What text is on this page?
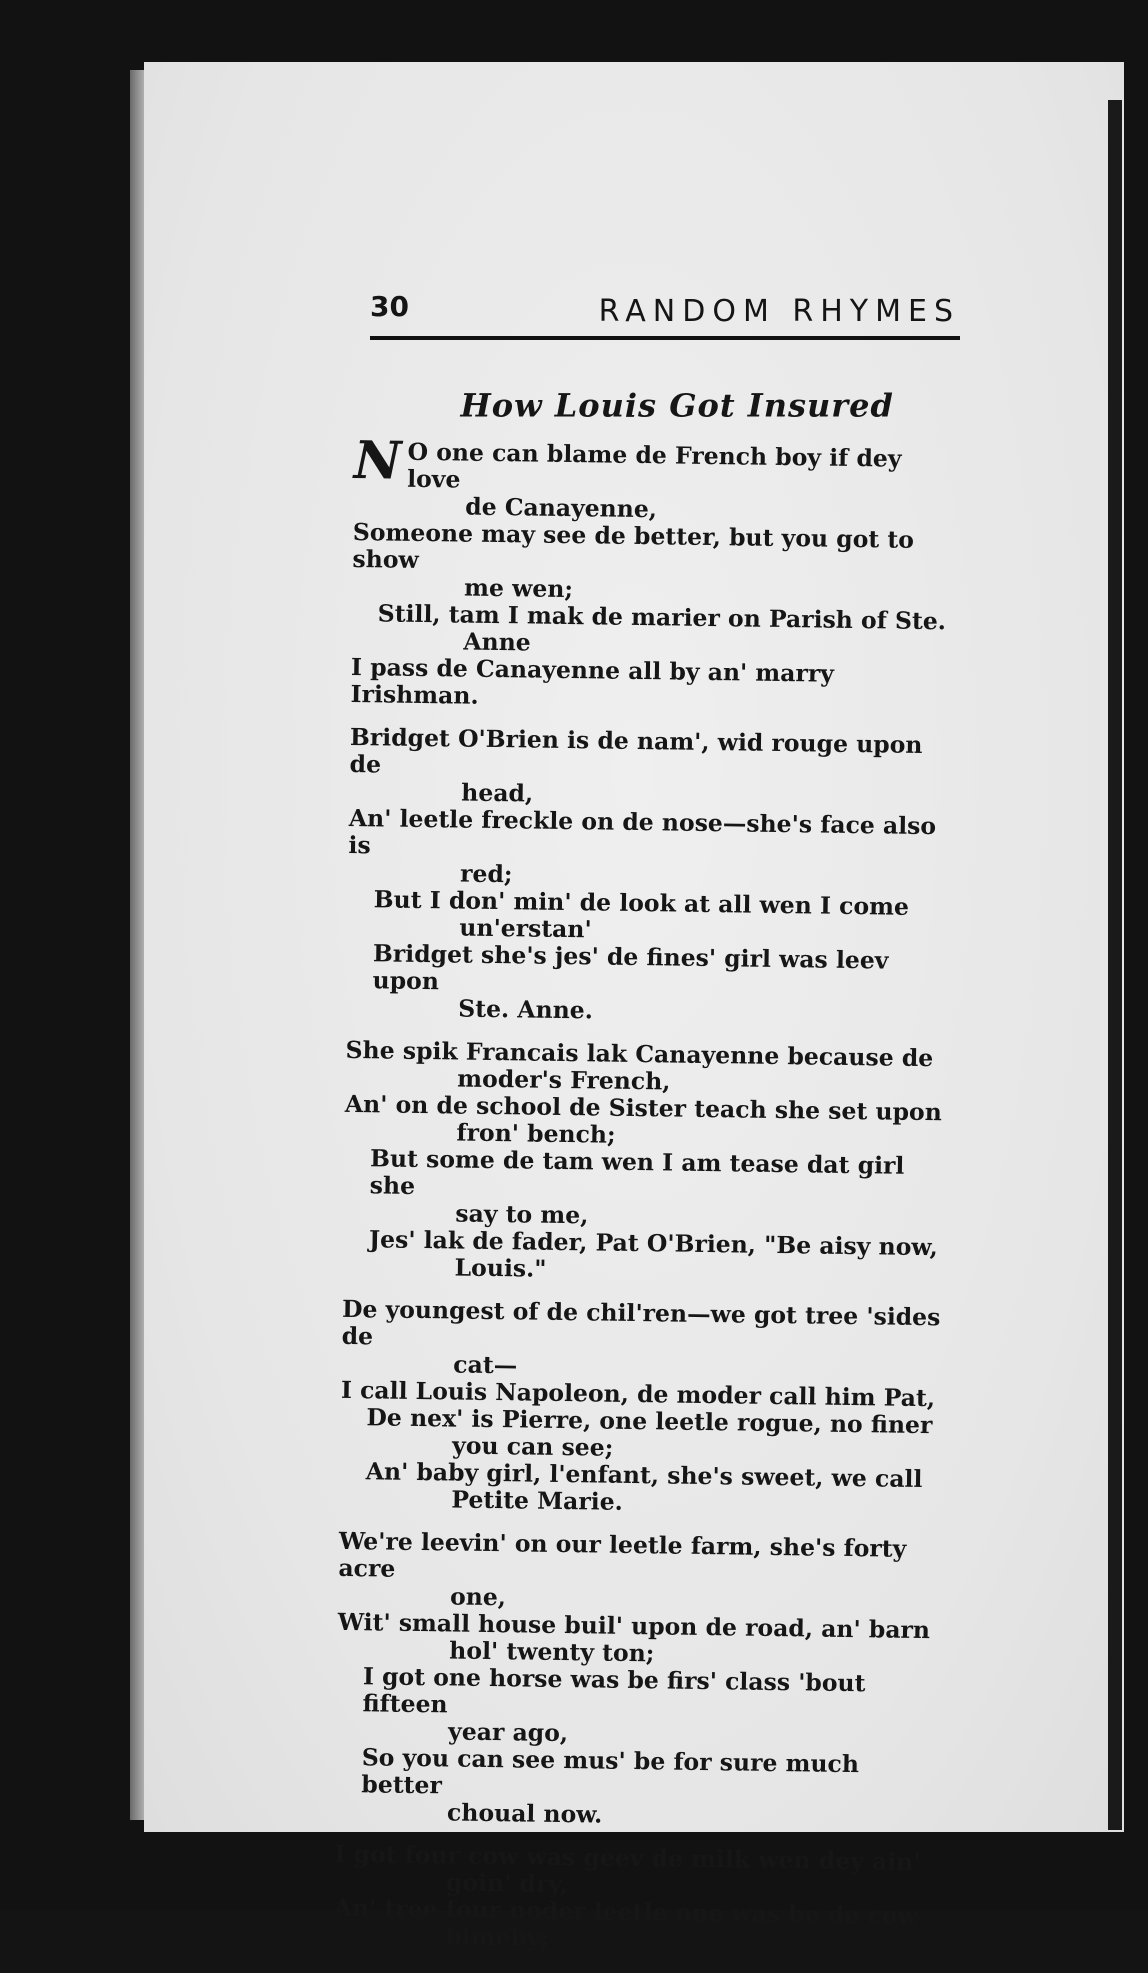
30	RANDOM RHYMES
How Louis Got Insured

N O one can blame de French boy if dey love
de Canayenne,

Someone may see de better, but you got to show
me wen;

Still, tam I mak de marier on Parish of Ste.
Anne

I pass de Canayenne all by an' marry Irishman.

Bridget O'Brien is de nam', wid rouge upon de
head,

An' leetle freckle on de nose—she's face also is
red;

But I don' min' de look at all wen I come
un'erstan'

Bridget she's jes' de fines' girl was leev upon
Ste. Anne.

She spik Francais lak Canayenne because de
moder's French,

An' on de school de Sister teach she set upon
fron' bench;

But some de tam wen I am tease dat girl she
say to me,

Jes' lak de fader, Pat O'Brien, "Be aisy now,
Louis."

De youngest of de chil'ren—we got tree 'sides de
cat—

I call Louis Napoleon, de moder call him Pat,

De nex' is Pierre, one leetle rogue, no finer
you can see;

An' baby girl, l'enfant, she's sweet, we call
Petite Marie.

We're leevin' on our leetle farm, she's forty acre
one,

Wit' small house buil' upon de road, an' barn
hol' twenty ton;

I got one horse was be firs' class 'bout fifteen
year ago,

So you can see mus' be for sure much better
choual now.

I got four cow was geev de milk wen dey ain'
goin' dry,

An' tree four noder leetle one was be de cow
bimeby;
